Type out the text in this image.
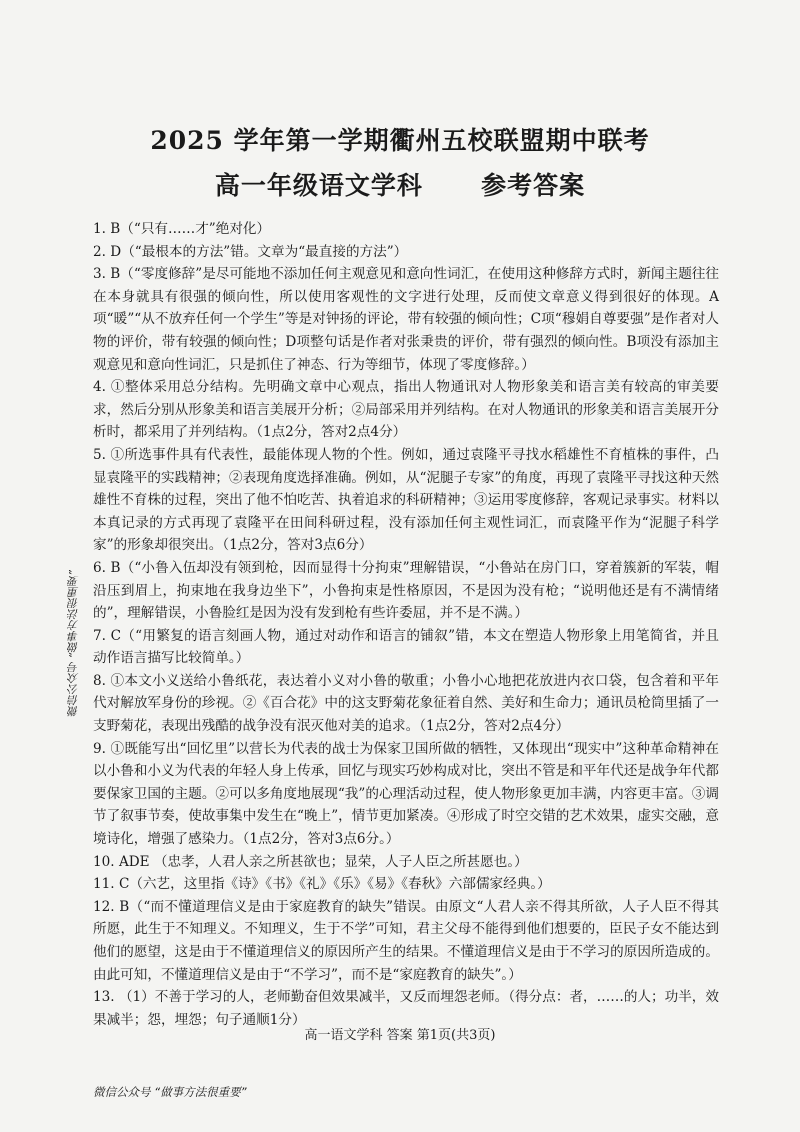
2025 学年第一学期衢州五校联盟期中联考
高一年级语文学科      参考答案

1. B（“只有……才”绝对化）

2. D（“最根本的方法”错。文章为“最直接的方法”）

3. B（“零度修辞”是尽可能地不添加任何主观意见和意向性词汇，在使用这种修辞方式时，新闻主题往往在本身就具有很强的倾向性，所以使用客观性的文字进行处理，反而使文章意义得到很好的体现。A项“暖”“从不放弃任何一个学生”等是对钟扬的评论，带有较强的倾向性；C项“穆娟自尊要强”是作者对人物的评价，带有较强的倾向性；D项整句话是作者对张秉贵的评价，带有强烈的倾向性。B项没有添加主观意见和意向性词汇，只是抓住了神态、行为等细节，体现了零度修辞。）

4. ①整体采用总分结构。先明确文章中心观点，指出人物通讯对人物形象美和语言美有较高的审美要求，然后分别从形象美和语言美展开分析；②局部采用并列结构。在对人物通讯的形象美和语言美展开分析时，都采用了并列结构。（1点2分，答对2点4分）

5. ①所选事件具有代表性，最能体现人物的个性。例如，通过袁隆平寻找水稻雄性不育植株的事件，凸显袁隆平的实践精神；②表现角度选择准确。例如，从“泥腿子专家”的角度，再现了袁隆平寻找这种天然雄性不育株的过程，突出了他不怕吃苦、执着追求的科研精神；③运用零度修辞，客观记录事实。材料以本真记录的方式再现了袁隆平在田间科研过程，没有添加任何主观性词汇，而袁隆平作为“泥腿子科学家”的形象却很突出。（1点2分，答对3点6分）

6. B（“小鲁入伍却没有领到枪，因而显得十分拘束”理解错误，“小鲁站在房门口，穿着簇新的军装，帽沿压到眉上，拘束地在我身边坐下”，小鲁拘束是性格原因，不是因为没有枪；“说明他还是有不满情绪的”，理解错误，小鲁脸红是因为没有发到枪有些许委屈，并不是不满。）

7. C（“用繁复的语言刻画人物，通过对动作和语言的铺叙”错，本文在塑造人物形象上用笔简省，并且动作语言描写比较简单。）

8. ①本文小义送给小鲁纸花，表达着小义对小鲁的敬重；小鲁小心地把花放进内衣口袋，包含着和平年代对解放军身份的珍视。②《百合花》中的这支野菊花象征着自然、美好和生命力；通讯员枪筒里插了一支野菊花，表现出残酷的战争没有泯灭他对美的追求。（1点2分，答对2点4分）

9. ①既能写出“回忆里”以营长为代表的战士为保家卫国所做的牺牲，又体现出“现实中”这种革命精神在以小鲁和小义为代表的年轻人身上传承，回忆与现实巧妙构成对比，突出不管是和平年代还是战争年代都要保家卫国的主题。②可以多角度地展现“我”的心理活动过程，使人物形象更加丰满，内容更丰富。③调节了叙事节奏，使故事集中发生在“晚上”，情节更加紧凑。④形成了时空交错的艺术效果，虚实交融，意境诗化，增强了感染力。（1点2分，答对3点6分。）

10. ADE （忠孝，人君人亲之所甚欲也；显荣，人子人臣之所甚愿也。）

11. C（六艺，这里指《诗》《书》《礼》《乐》《易》《春秋》六部儒家经典。）

12. B（“而不懂道理信义是由于家庭教育的缺失”错误。由原文“人君人亲不得其所欲，人子人臣不得其所愿，此生于不知理义。不知理义，生于不学”可知，君主父母不能得到他们想要的，臣民子女不能达到他们的愿望，这是由于不懂道理信义的原因所产生的结果。不懂道理信义是由于不学习的原因所造成的。由此可知，不懂道理信义是由于“不学习”，而不是“家庭教育的缺失”。）

13. （1）不善于学习的人，老师勤奋但效果减半，又反而埋怨老师。（得分点：者，……的人；功半，效果减半；怨，埋怨；句子通顺1分）

高一语文学科 答案 第1页(共3页)
微信公众号 “做事方法很重要”
微信公众号 “做事方法很重要”
